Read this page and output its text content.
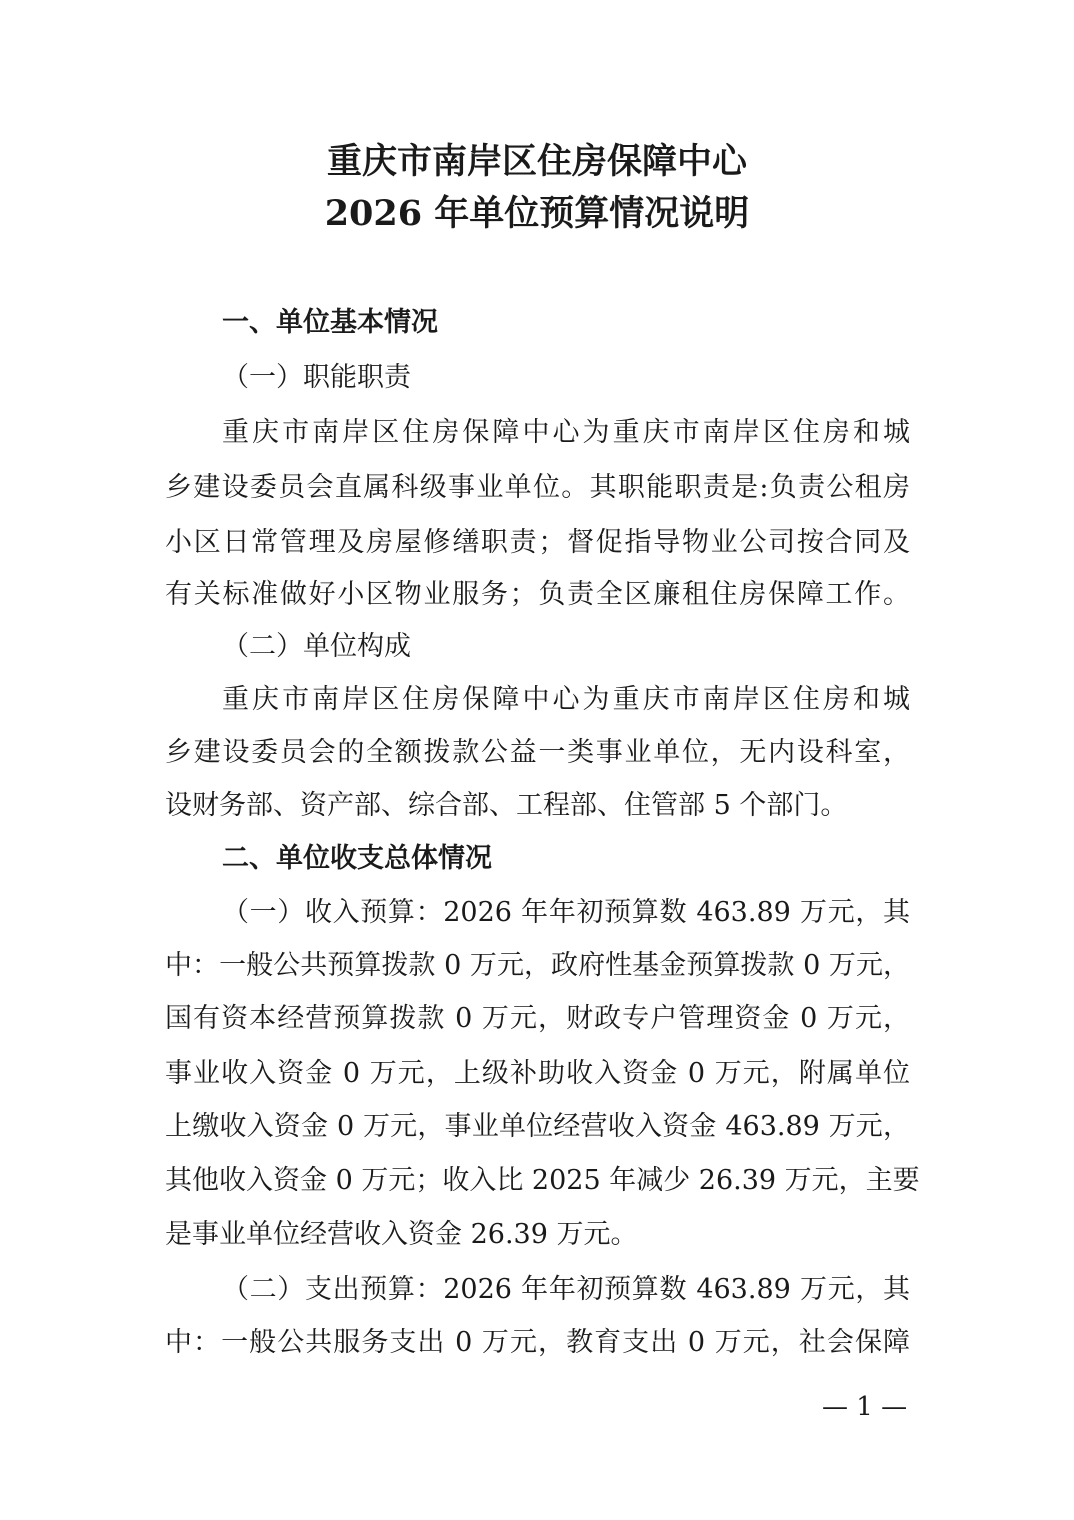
重庆市南岸区住房保障中心
2026 年单位预算情况说明
一、单位基本情况
（一）职能职责
重庆市南岸区住房保障中心为重庆市南岸区住房和城
乡建设委员会直属科级事业单位。其职能职责是:负责公租房
小区日常管理及房屋修缮职责；督促指导物业公司按合同及
有关标准做好小区物业服务；负责全区廉租住房保障工作。
（二）单位构成
重庆市南岸区住房保障中心为重庆市南岸区住房和城
乡建设委员会的全额拨款公益一类事业单位，无内设科室，
设财务部、资产部、综合部、工程部、住管部 5 个部门。
二、单位收支总体情况
（一）收入预算：2026 年年初预算数 463.89 万元，其
中：一般公共预算拨款 0 万元，政府性基金预算拨款 0 万元，
国有资本经营预算拨款 0 万元，财政专户管理资金 0 万元，
事业收入资金 0 万元，上级补助收入资金 0 万元，附属单位
上缴收入资金 0 万元，事业单位经营收入资金 463.89 万元，
其他收入资金 0 万元；收入比 2025 年减少 26.39 万元，主要
是事业单位经营收入资金 26.39 万元。
（二）支出预算：2026 年年初预算数 463.89 万元，其
中：一般公共服务支出 0 万元，教育支出 0 万元，社会保障
— 1 —
